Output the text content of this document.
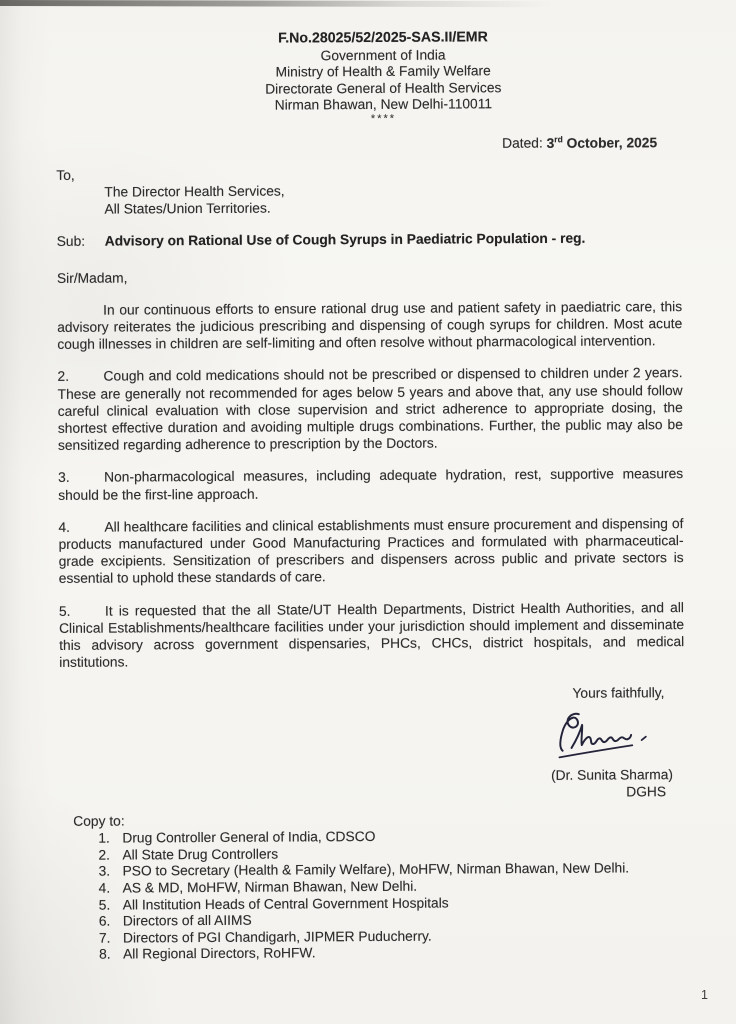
F.No.28025/52/2025-SAS.II/EMR
Government of India
Ministry of Health & Family Welfare
Directorate General of Health Services
Nirman Bhawan, New Delhi-110011
****
Dated: 3rd October, 2025
To,
The Director Health Services,
All States/Union Territories.
Sub:	Advisory on Rational Use of Cough Syrups in Paediatric Population - reg.
Sir/Madam,

In our continuous efforts to ensure rational drug use and patient safety in paediatric care, this advisory reiterates the judicious prescribing and dispensing of cough syrups for children. Most acute cough illnesses in children are self-limiting and often resolve without pharmacological intervention.

2. Cough and cold medications should not be prescribed or dispensed to children under 2 years. These are generally not recommended for ages below 5 years and above that, any use should follow careful clinical evaluation with close supervision and strict adherence to appropriate dosing, the shortest effective duration and avoiding multiple drugs combinations. Further, the public may also be sensitized regarding adherence to prescription by the Doctors.

3. Non-pharmacological measures, including adequate hydration, rest, supportive measures should be the first-line approach.

4. All healthcare facilities and clinical establishments must ensure procurement and dispensing of products manufactured under Good Manufacturing Practices and formulated with pharmaceutical-grade excipients. Sensitization of prescribers and dispensers across public and private sectors is essential to uphold these standards of care.

5. It is requested that the all State/UT Health Departments, District Health Authorities, and all Clinical Establishments/healthcare facilities under your jurisdiction should implement and disseminate this advisory across government dispensaries, PHCs, CHCs, district hospitals, and medical institutions.

Yours faithfully,
(Dr. Sunita Sharma)
DGHS
Copy to:
1. Drug Controller General of India, CDSCO
2. All State Drug Controllers
3. PSO to Secretary (Health & Family Welfare), MoHFW, Nirman Bhawan, New Delhi.
4. AS & MD, MoHFW, Nirman Bhawan, New Delhi.
5. All Institution Heads of Central Government Hospitals
6. Directors of all AIIMS
7. Directors of PGI Chandigarh, JIPMER Puducherry.
8. All Regional Directors, RoHFW.
1
